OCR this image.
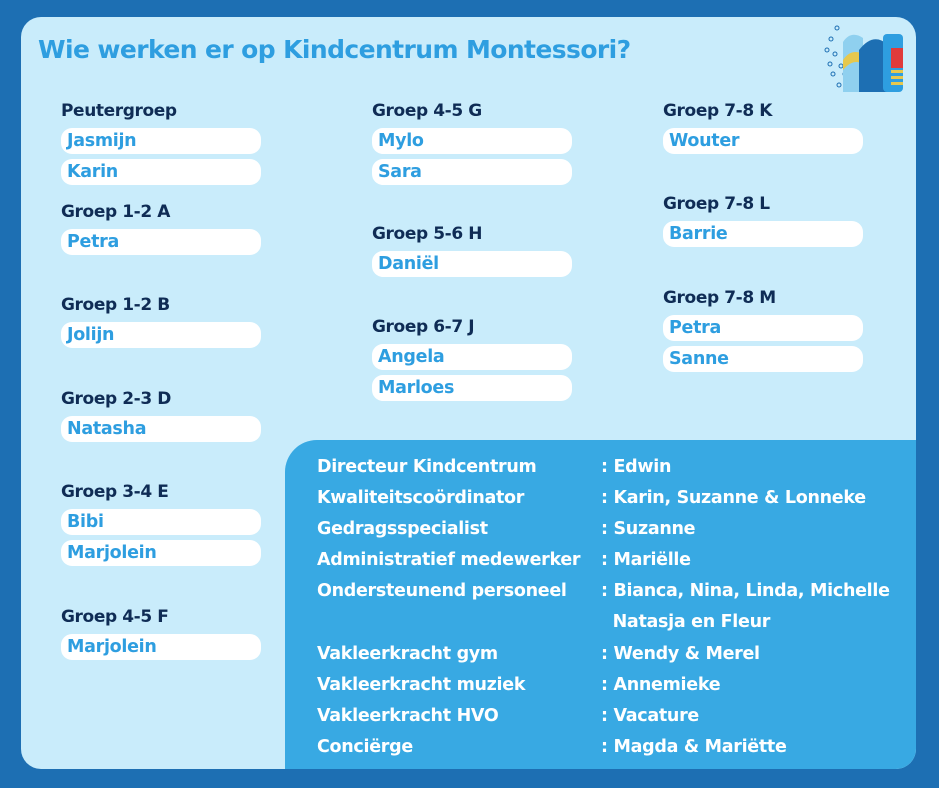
Wie werken er op Kindcentrum Montessori?
Peutergroep
Jasmijn
Karin
Groep 1-2 A
Petra
Groep 1-2 B
Jolijn
Groep 2-3 D
Natasha
Groep 3-4 E
Bibi
Marjolein
Groep 4-5 F
Marjolein
Groep 4-5 G
Mylo
Sara
Groep 5-6 H
Daniël
Groep 6-7 J
Angela
Marloes
Groep 7-8 K
Wouter
Groep 7-8 L
Barrie
Groep 7-8 M
Petra
Sanne
Directeur Kindcentrum	: Edwin
Kwaliteitscoördinator	: Karin, Suzanne & Lonneke
Gedragsspecialist	: Suzanne
Administratief medewerker : Mariëlle
Ondersteunend personeel : Bianca, Nina, Linda, Michelle
Natasja en Fleur
Vakleerkracht gym	: Wendy & Merel
Vakleerkracht muziek	: Annemieke
Vakleerkracht HVO	: Vacature
Conciërge	: Magda & Mariëtte
